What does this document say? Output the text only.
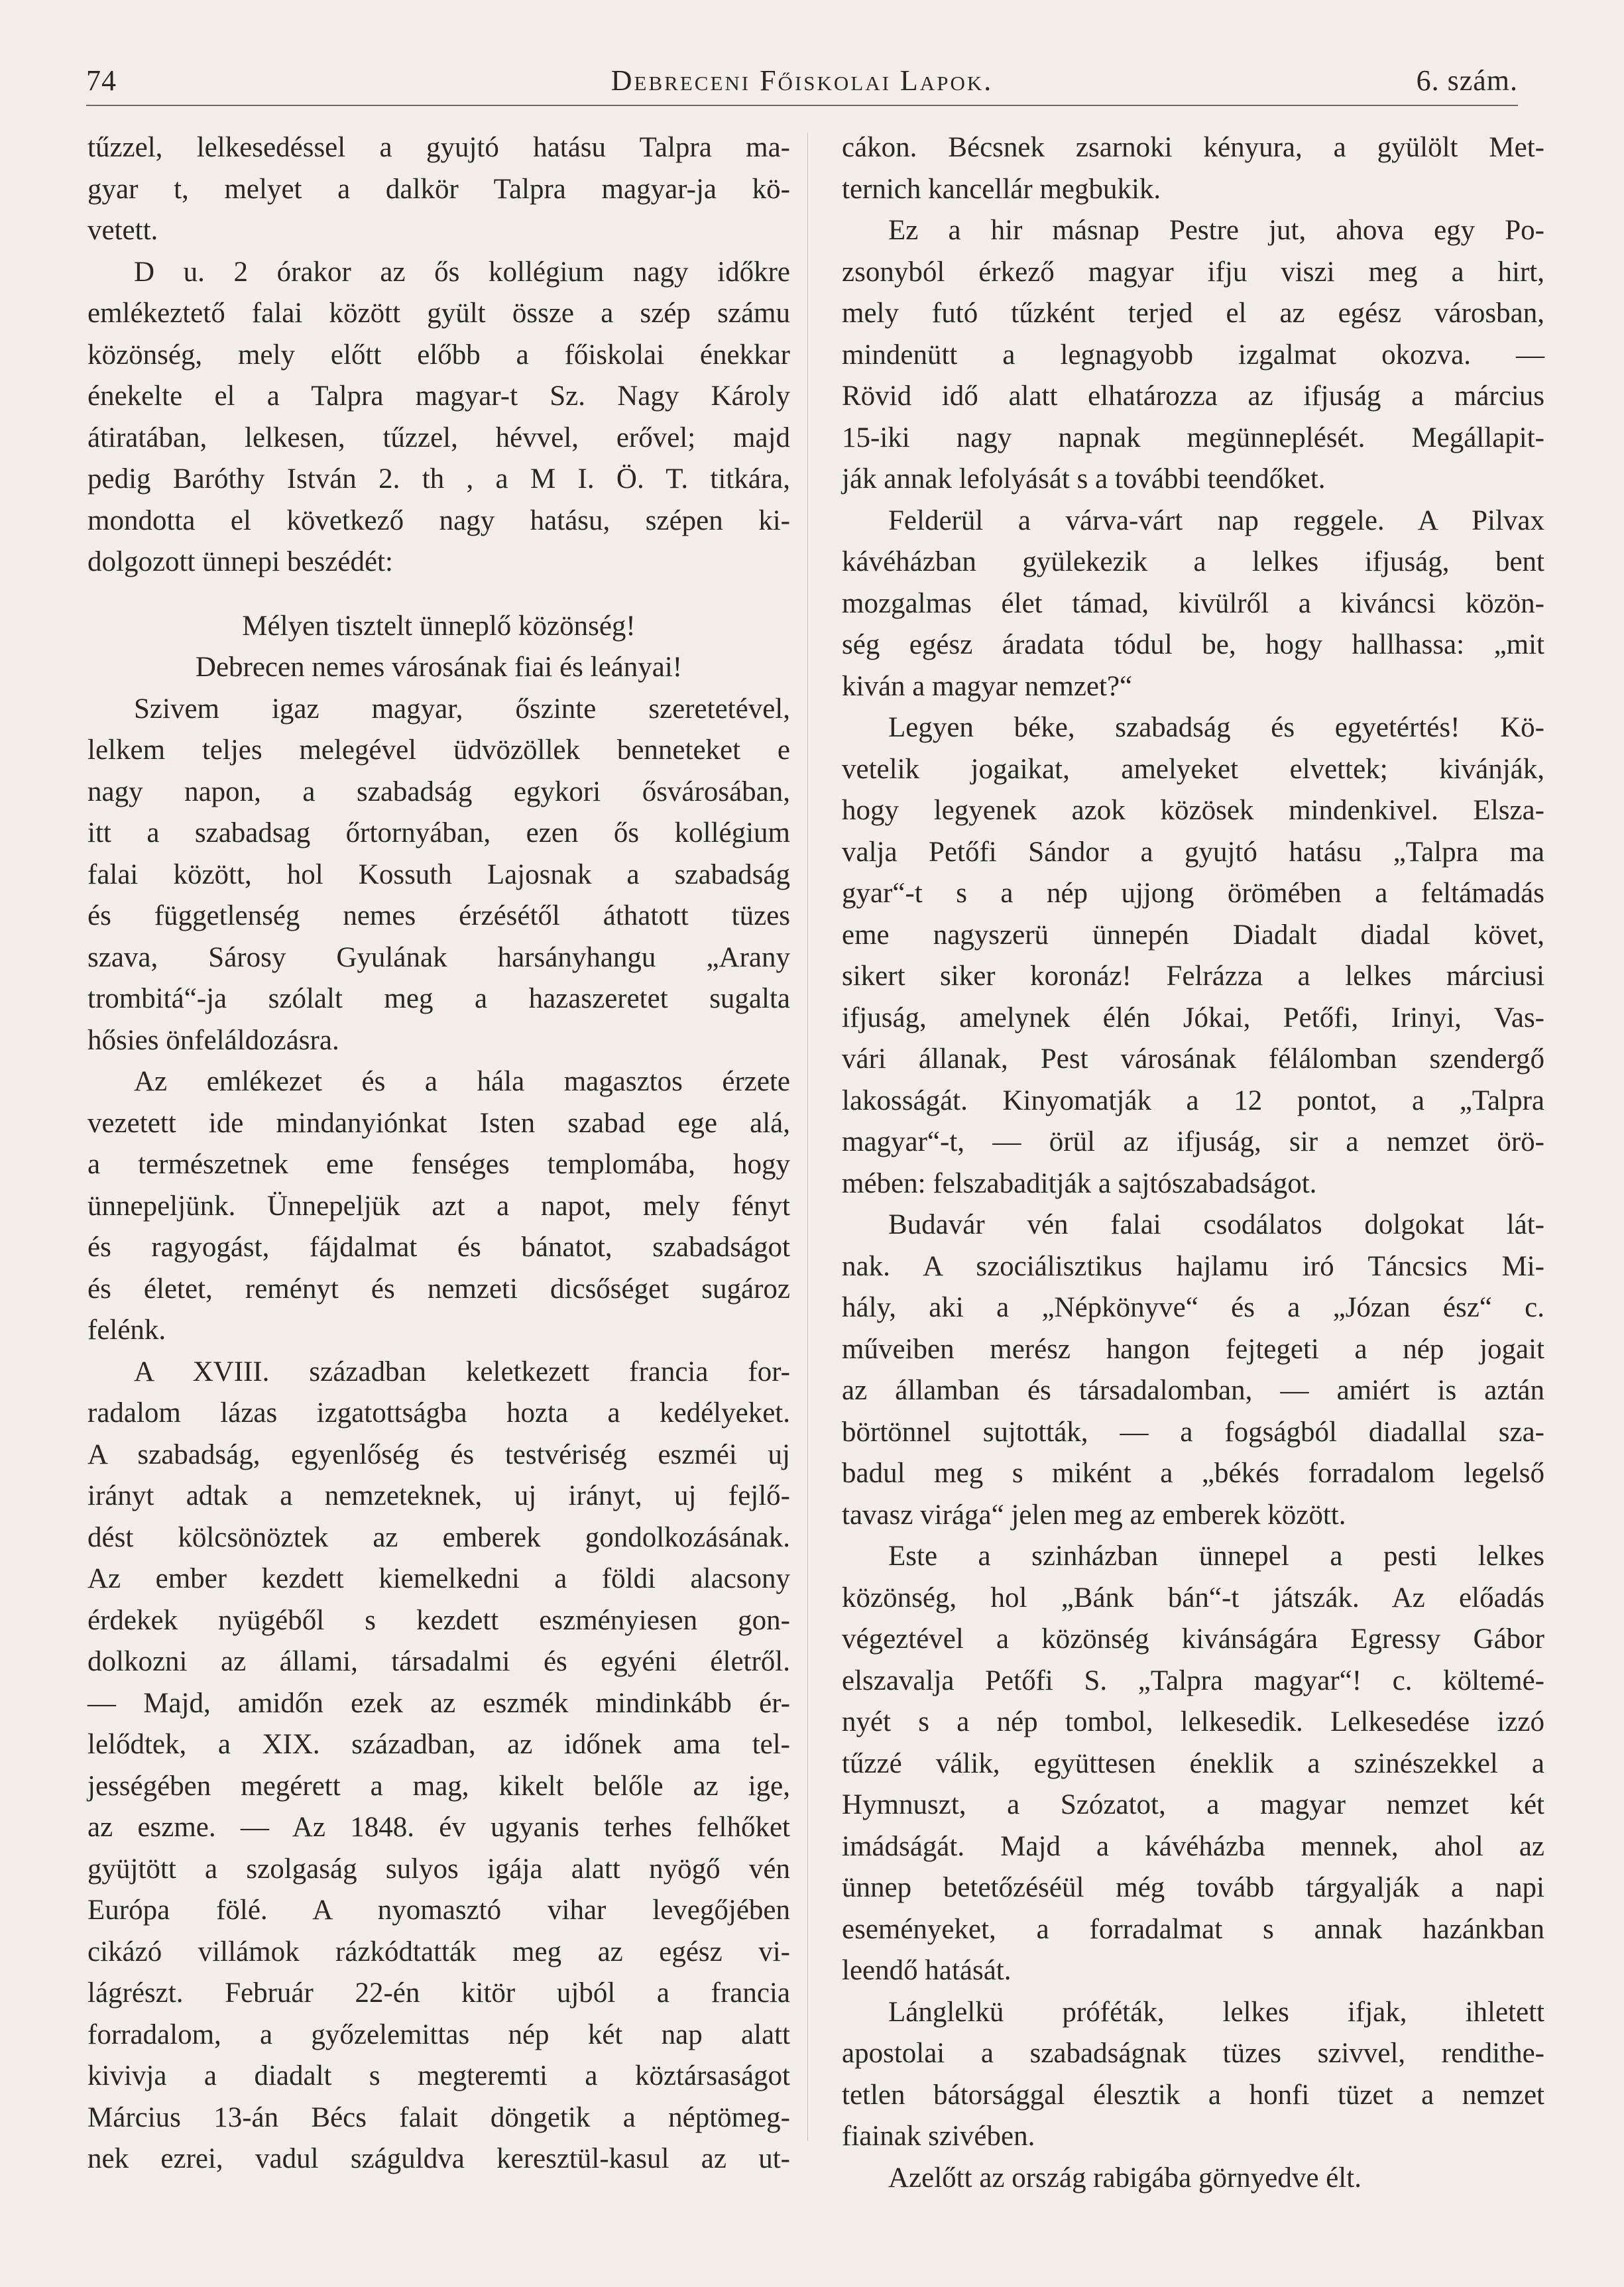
74	Debreceni Főiskolai Lapok.	6. szám.

tűzzel, lelkesedéssel a gyujtó hatásu Talpra ma-

gyar t, melyet a dalkör Talpra magyar-ja kö-

vetett.

D u. 2 órakor az ős kollégium nagy időkre

emlékeztető falai között gyült össze a szép számu

közönség, mely előtt előbb a főiskolai énekkar

énekelte el a Talpra magyar-t Sz. Nagy Károly

átiratában, lelkesen, tűzzel, hévvel, erővel; majd

pedig Baróthy István 2. th , a M I. Ö. T. titkára,

mondotta el következő nagy hatásu, szépen ki-

dolgozott ünnepi beszédét:

Mélyen tisztelt ünneplő közönség!

Debrecen nemes városának fiai és leányai!

Szivem igaz magyar, őszinte szeretetével,

lelkem teljes melegével üdvözöllek benneteket e

nagy napon, a szabadság egykori ősvárosában,

itt a szabadsag őrtornyában, ezen ős kollégium

falai között, hol Kossuth Lajosnak a szabadság

és függetlenség nemes érzésétől áthatott tüzes

szava, Sárosy Gyulának harsányhangu „Arany

trombitá“-ja szólalt meg a hazaszeretet sugalta

hősies önfeláldozásra.

Az emlékezet és a hála magasztos érzete

vezetett ide mindanyiónkat Isten szabad ege alá,

a természetnek eme fenséges templomába, hogy

ünnepeljünk. Ünnepeljük azt a napot, mely fényt

és ragyogást, fájdalmat és bánatot, szabadságot

és életet, reményt és nemzeti dicsőséget sugároz

felénk.

A XVIII. században keletkezett francia for-

radalom lázas izgatottságba hozta a kedélyeket.

A szabadság, egyenlőség és testvériség eszméi uj

irányt adtak a nemzeteknek, uj irányt, uj fejlő-

dést kölcsönöztek az emberek gondolkozásának.

Az ember kezdett kiemelkedni a földi alacsony

érdekek nyügéből s kezdett eszményiesen gon-

dolkozni az állami, társadalmi és egyéni életről.

— Majd, amidőn ezek az eszmék mindinkább ér-

lelődtek, a XIX. században, az időnek ama tel-

jességében megérett a mag, kikelt belőle az ige,

az eszme. — Az 1848. év ugyanis terhes felhőket

gyüjtött a szolgaság sulyos igája alatt nyögő vén

Európa fölé. A nyomasztó vihar levegőjében

cikázó villámok rázkódtatták meg az egész vi-

lágrészt. Február 22-én kitör ujból a francia

forradalom, a győzelemittas nép két nap alatt

kivivja a diadalt s megteremti a köztársaságot

Március 13-án Bécs falait döngetik a néptömeg-

nek ezrei, vadul száguldva keresztül-kasul az ut-

cákon. Bécsnek zsarnoki kényura, a gyülölt Met-

ternich kancellár megbukik.

Ez a hir másnap Pestre jut, ahova egy Po-

zsonyból érkező magyar ifju viszi meg a hirt,

mely futó tűzként terjed el az egész városban,

mindenütt a legnagyobb izgalmat okozva. —

Rövid idő alatt elhatározza az ifjuság a március

15-iki nagy napnak megünneplését. Megállapit-

ják annak lefolyását s a további teendőket.

Felderül a várva-várt nap reggele. A Pilvax

kávéházban gyülekezik a lelkes ifjuság, bent

mozgalmas élet támad, kivülről a kiváncsi közön-

ség egész áradata tódul be, hogy hallhassa: „mit

kiván a magyar nemzet?“

Legyen béke, szabadság és egyetértés! Kö-

vetelik jogaikat, amelyeket elvettek; kivánják,

hogy legyenek azok közösek mindenkivel. Elsza-

valja Petőfi Sándor a gyujtó hatásu „Talpra ma

gyar“-t s a nép ujjong örömében a feltámadás

eme nagyszerü ünnepén Diadalt diadal követ,

sikert siker koronáz! Felrázza a lelkes márciusi

ifjuság, amelynek élén Jókai, Petőfi, Irinyi, Vas-

vári állanak, Pest városának félálomban szendergő

lakosságát. Kinyomatják a 12 pontot, a „Talpra

magyar“-t, — örül az ifjuság, sir a nemzet örö-

mében: felszabaditják a sajtószabadságot.

Budavár vén falai csodálatos dolgokat lát-

nak. A szociálisztikus hajlamu iró Táncsics Mi-

hály, aki a „Népkönyve“ és a „Józan ész“ c.

műveiben merész hangon fejtegeti a nép jogait

az államban és társadalomban, — amiért is aztán

börtönnel sujtották, — a fogságból diadallal sza-

badul meg s miként a „békés forradalom legelső

tavasz virága“ jelen meg az emberek között.

Este a szinházban ünnepel a pesti lelkes

közönség, hol „Bánk bán“-t játszák. Az előadás

végeztével a közönség kivánságára Egressy Gábor

elszavalja Petőfi S. „Talpra magyar“! c. költemé-

nyét s a nép tombol, lelkesedik. Lelkesedése izzó

tűzzé válik, együttesen éneklik a szinészekkel a

Hymnuszt, a Szózatot, a magyar nemzet két

imádságát. Majd a kávéházba mennek, ahol az

ünnep betetőzéséül még tovább tárgyalják a napi

eseményeket, a forradalmat s annak hazánkban

leendő hatását.

Lánglelkü próféták, lelkes ifjak, ihletett

apostolai a szabadságnak tüzes szivvel, rendithe-

tetlen bátorsággal élesztik a honfi tüzet a nemzet

fiainak szivében.

Azelőtt az ország rabigába görnyedve élt.
